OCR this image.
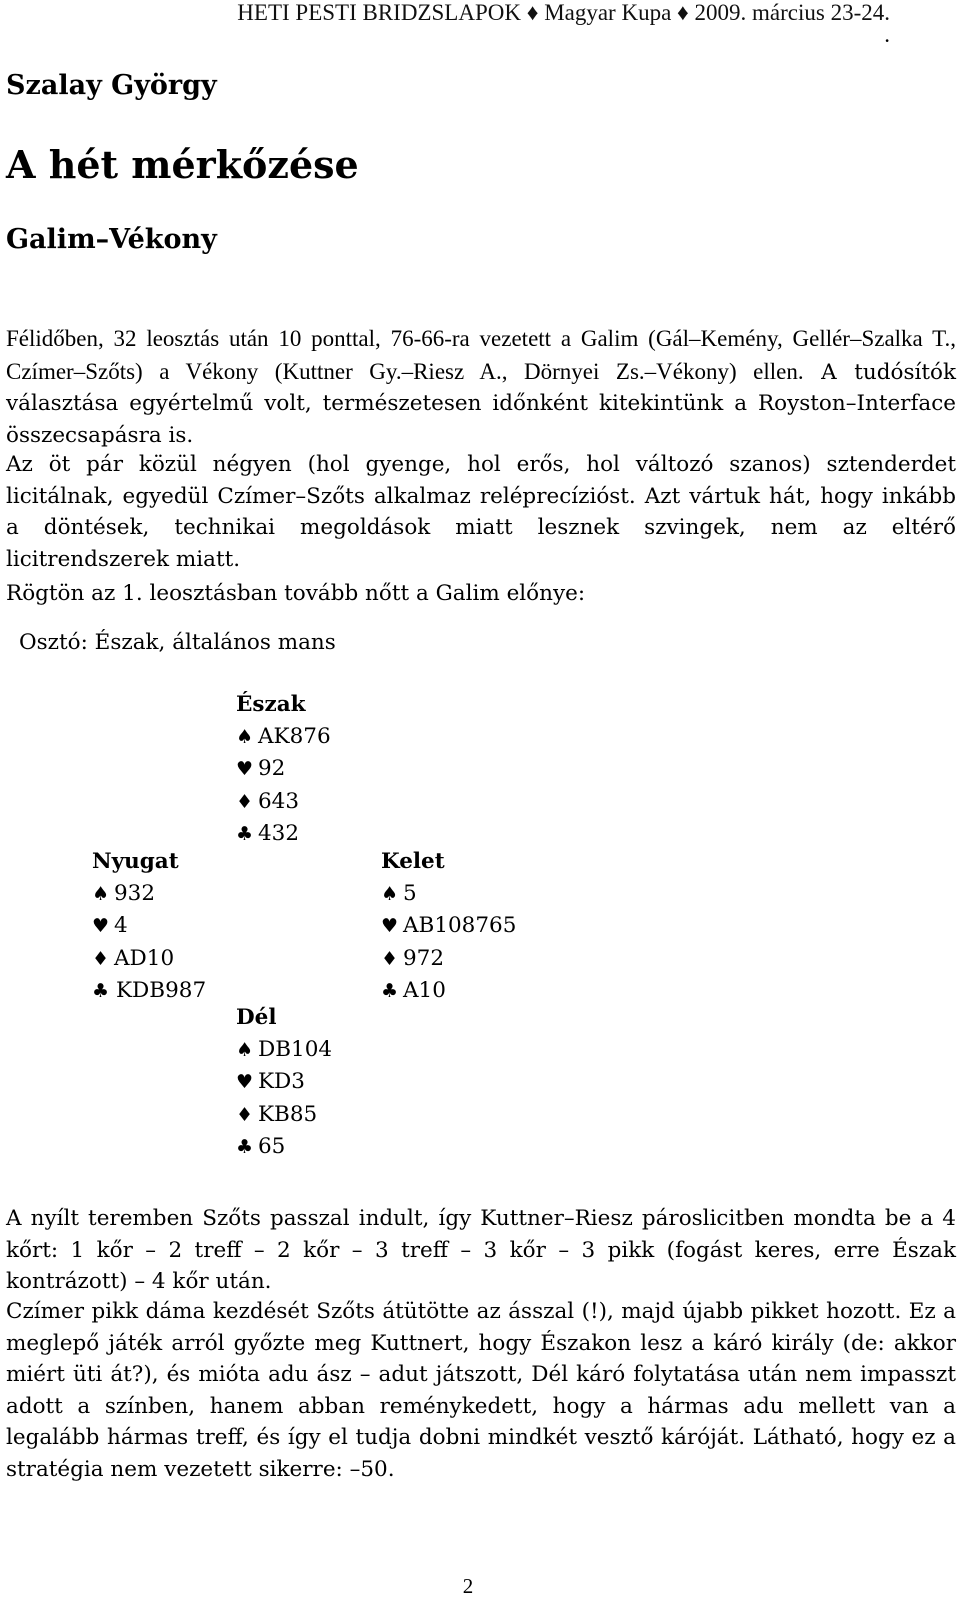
HETI PESTI BRIDZSLAPOK ♦ Magyar Kupa ♦ 2009. március 23-24.
.
Szalay György
A hét mérkőzése
Galim–Vékony

Félidőben, 32 leosztás után 10 ponttal, 76-66-ra vezetett a Galim (Gál–Kemény, Gellér–Szalka T., Czímer–Szőts) a Vékony (Kuttner Gy.–Riesz A., Dörnyei Zs.–Vékony) ellen. A tudósítók választása egyértelmű volt, természetesen időnként kitekintünk a Royston–Interface összecsapásra is.

Az öt pár közül négyen (hol gyenge, hol erős, hol változó szanos) sztenderdet licitálnak, egyedül Czímer–Szőts alkalmaz reléprecízióst. Azt vártuk hát, hogy inkább a döntések, technikai megoldások miatt lesznek szvingek, nem az eltérő licitrendszerek miatt.

Rögtön az 1. leosztásban tovább nőtt a Galim előnye:

Osztó: Észak, általános mans
Észak
♠ AK876
♥ 92
♦ 643
♣ 432
Nyugat
♠ 932
♥ 4
♦ AD10
♣ KDB987
Kelet
♠ 5
♥ AB108765
♦ 972
♣ A10
Dél
♠ DB104
♥ KD3
♦ KB85
♣ 65

A nyílt teremben Szőts passzal indult, így Kuttner–Riesz pároslicitben mondta be a 4 kőrt: 1 kőr – 2 treff – 2 kőr – 3 treff – 3 kőr – 3 pikk (fogást keres, erre Észak kontrázott) – 4 kőr után.

Czímer pikk dáma kezdését Szőts átütötte az ásszal (!), majd újabb pikket hozott. Ez a meglepő játék arról győzte meg Kuttnert, hogy Északon lesz a káró király (de: akkor miért üti át?), és mióta adu ász – adut játszott, Dél káró folytatása után nem impasszt adott a színben, hanem abban reménykedett, hogy a hármas adu mellett van a legalább hármas treff, és így el tudja dobni mindkét vesztő káróját. Látható, hogy ez a stratégia nem vezetett sikerre: –50.

2
